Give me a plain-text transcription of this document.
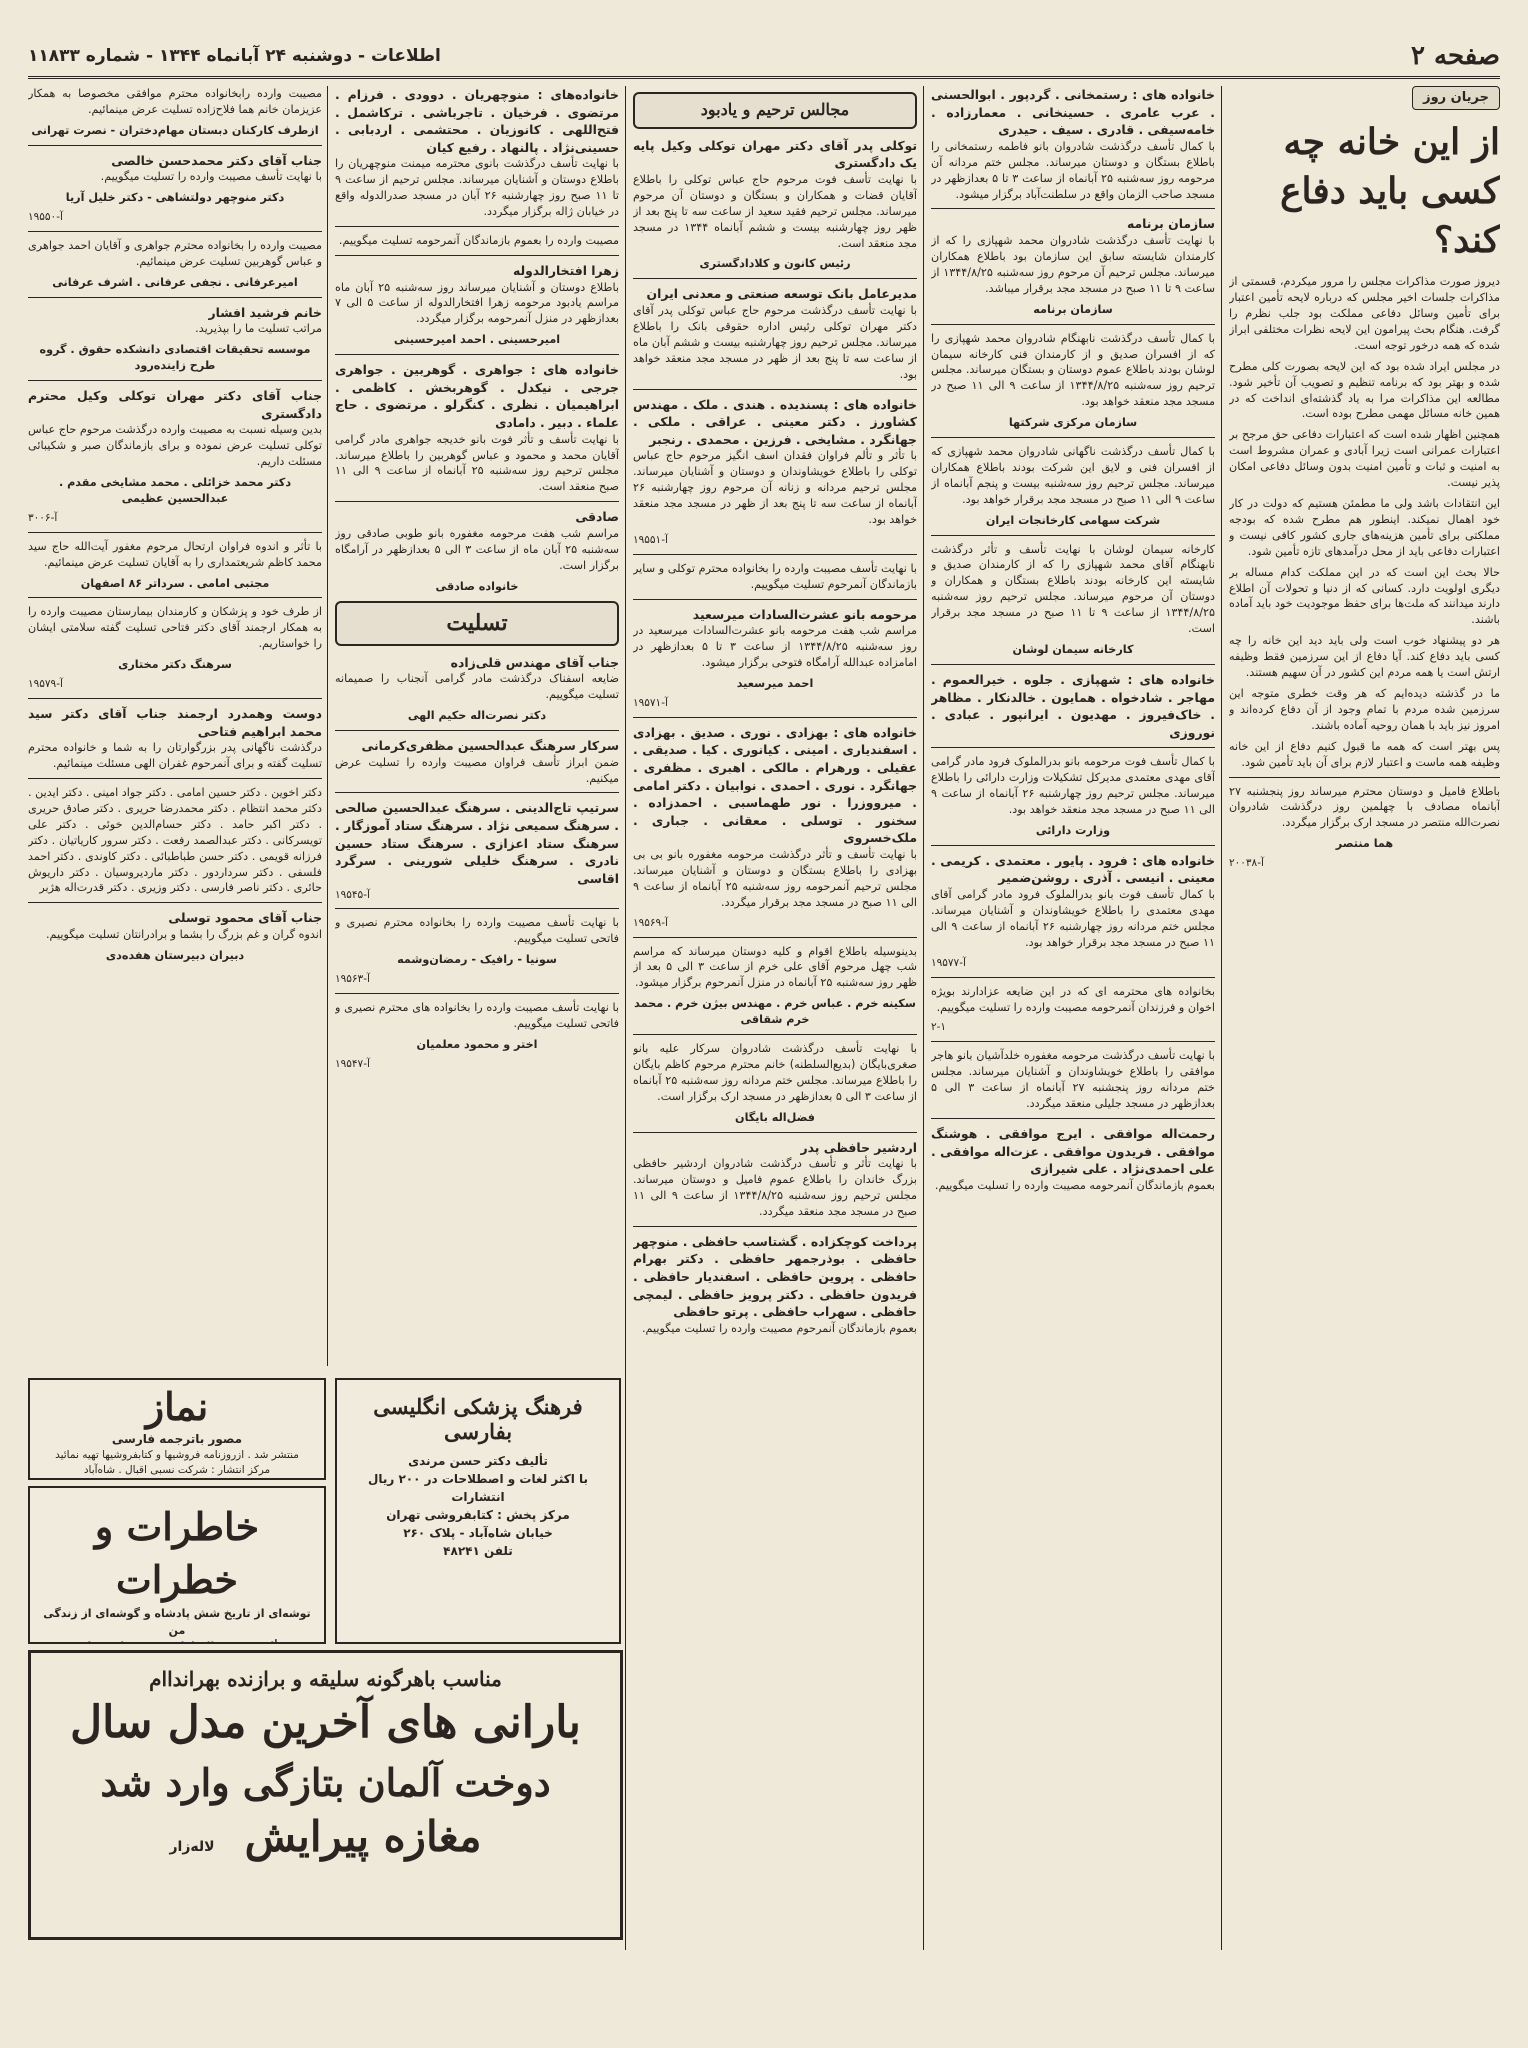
صفحه ۲
اطلاعات - دوشنبه ۲۴ آبانماه ۱۳۴۴ - شماره ۱۱۸۳۳
جریان روز
از این خانه چه کسی باید دفاع کند؟

دیروز صورت مذاکرات مجلس را مرور میکردم، قسمتی از مذاکرات جلسات اخیر مجلس که درباره لایحه تأمین اعتبار برای تأمین وسائل دفاعی مملکت بود جلب نظرم را گرفت. هنگام بحث پیرامون این لایحه نظرات مختلفی ابراز شده که همه درخور توجه است.

در مجلس ایراد شده بود که این لایحه بصورت کلی مطرح شده و بهتر بود که برنامه تنظیم و تصویب آن تأخیر شود. مطالعه این مذاکرات مرا به یاد گذشته‌ای انداخت که در همین خانه مسائل مهمی مطرح بوده است.

همچنین اظهار شده است که اعتبارات دفاعی حق مرجح بر اعتبارات عمرانی است زیرا آبادی و عمران مشروط است به امنیت و ثبات و تأمین امنیت بدون وسائل دفاعی امکان پذیر نیست.

این انتقادات باشد ولی ما مطمئن هستیم که دولت در کار خود اهمال نمیکند. اینطور هم مطرح شده که بودجه مملکتی برای تأمین هزینه‌های جاری کشور کافی نیست و اعتبارات دفاعی باید از محل درآمدهای تازه تأمین شود.

حالا بحث این است که در این مملکت کدام مساله بر دیگری اولویت دارد. کسانی که از دنیا و تحولات آن اطلاع دارند میدانند که ملت‌ها برای حفظ موجودیت خود باید آماده باشند.

هر دو پیشنهاد خوب است ولی باید دید این خانه را چه کسی باید دفاع کند. آیا دفاع از این سرزمین فقط وظیفه ارتش است یا همه مردم این کشور در آن سهیم هستند.

ما در گذشته دیده‌ایم که هر وقت خطری متوجه این سرزمین شده مردم با تمام وجود از آن دفاع کرده‌اند و امروز نیز باید با همان روحیه آماده باشند.

پس بهتر است که همه ما قبول کنیم دفاع از این خانه وظیفه همه ماست و اعتبار لازم برای آن باید تأمین شود.

باطلاع فامیل و دوستان محترم میرساند روز پنجشنبه ۲۷ آبانماه مصادف با چهلمین روز درگذشت شادروان نصرت‌الله منتصر در مسجد ارک برگزار میگردد.

هما منتصر
آ-۲۰۰۳۸
خانواده های : رستمخانی . گردپور . ابوالحسنی . عرب عامری . حسینخانی . معمارزاده . خامه‌سیفی . قادری . سیف . حیدری

با کمال تأسف درگذشت شادروان بانو فاطمه رستمخانی را باطلاع بستگان و دوستان میرساند. مجلس ختم مردانه آن مرحومه روز سه‌شنبه ۲۵ آبانماه از ساعت ۳ تا ۵ بعدازظهر در مسجد صاحب الزمان واقع در سلطنت‌آباد برگزار میشود.

سازمان برنامه

با نهایت تأسف درگذشت شادروان محمد شهپازی را که از کارمندان شایسته سابق این سازمان بود باطلاع همکاران میرساند. مجلس ترحیم آن مرحوم روز سه‌شنبه ۱۳۴۴/۸/۲۵ از ساعت ۹ تا ۱۱ صبح در مسجد مجد برقرار میباشد.

سازمان برنامه

با کمال تأسف درگذشت نابهنگام شادروان محمد شهپازی را که از افسران صدیق و از کارمندان فنی کارخانه سیمان لوشان بودند باطلاع عموم دوستان و بستگان میرساند. مجلس ترحیم روز سه‌شنبه ۱۳۴۴/۸/۲۵ از ساعت ۹ الی ۱۱ صبح در مسجد مجد منعقد خواهد بود.

سازمان مرکزی شرکتها

با کمال تأسف درگذشت ناگهانی شادروان محمد شهپازی که از افسران فنی و لایق این شرکت بودند باطلاع همکاران میرساند. مجلس ترحیم روز سه‌شنبه بیست و پنجم آبانماه از ساعت ۹ الی ۱۱ صبح در مسجد مجد برقرار خواهد بود.

شرکت سهامی کارخانجات ایران

کارخانه سیمان لوشان با نهایت تأسف و تأثر درگذشت نابهنگام آقای محمد شهپازی را که از کارمندان صدیق و شایسته این کارخانه بودند باطلاع بستگان و همکاران و دوستان آن مرحوم میرساند. مجلس ترحیم روز سه‌شنبه ۱۳۴۴/۸/۲۵ از ساعت ۹ تا ۱۱ صبح در مسجد مجد برقرار است.

کارخانه سیمان لوشان
خانواده های : شهپازی . جلوه . خیرالعموم . مهاجر . شادخواه . همایون . خالدنکار . مظاهر . خاک‌فیروز . مهدیون . ایرانپور . عبادی . نوروزی

با کمال تأسف فوت مرحومه بانو بدرالملوک فرود مادر گرامی آقای مهدی معتمدی مدیرکل تشکیلات وزارت دارائی را باطلاع میرساند. مجلس ترحیم روز چهارشنبه ۲۶ آبانماه از ساعت ۹ الی ۱۱ صبح در مسجد مجد منعقد خواهد بود.

وزارت دارائی
خانواده های : فرود . پایور . معتمدی . کریمی . معینی . انیسی . آذری . روشن‌ضمیر

با کمال تأسف فوت بانو بدرالملوک فرود مادر گرامی آقای مهدی معتمدی را باطلاع خویشاوندان و آشنایان میرساند. مجلس ختم مردانه روز چهارشنبه ۲۶ آبانماه از ساعت ۹ الی ۱۱ صبح در مسجد مجد برقرار خواهد بود.

آ-۱۹۵۷۷

بخانواده های محترمه ای که در این ضایعه عزادارند بویژه اخوان و فرزندان آنمرحومه مصیبت وارده را تسلیت میگوییم.

۲-۱

با نهایت تأسف درگذشت مرحومه مغفوره خلدآشیان بانو هاجر موافقی را باطلاع خویشاوندان و آشنایان میرساند. مجلس ختم مردانه روز پنجشنبه ۲۷ آبانماه از ساعت ۳ الی ۵ بعدازظهر در مسجد جلیلی منعقد میگردد.

رحمت‌اله موافقی . ایرج موافقی . هوشنگ موافقی . فریدون موافقی . عزت‌اله موافقی . علی احمدی‌نژاد . علی شیرازی

بعموم بازماندگان آنمرحومه مصیبت وارده را تسلیت میگوییم.

مجالس ترحیم و یادبود
توکلی پدر آقای دکتر مهران توکلی وکیل پایه یک دادگستری

با نهایت تأسف فوت مرحوم حاج عباس توکلی را باطلاع آقایان قضات و همکاران و بستگان و دوستان آن مرحوم میرساند. مجلس ترحیم فقید سعید از ساعت سه تا پنج بعد از ظهر روز چهارشنبه بیست و ششم آبانماه ۱۳۴۴ در مسجد مجد منعقد است.

رئیس کانون و کلادادگستری
مدیرعامل بانک توسعه صنعتی و معدنی ایران

با نهایت تأسف درگذشت مرحوم حاج عباس توکلی پدر آقای دکتر مهران توکلی رئیس اداره حقوقی بانک را باطلاع میرساند. مجلس ترحیم روز چهارشنبه بیست و ششم آبان ماه از ساعت سه تا پنج بعد از ظهر در مسجد مجد منعقد خواهد بود.

خانواده های : پسندیده . هندی . ملک . مهندس کشاورز . دکتر معینی . عراقی . ملکی . جهانگرد . مشایخی . فرزین . محمدی . رنجبر

با تأثر و تألم فراوان فقدان اسف انگیز مرحوم حاج عباس توکلی را باطلاع خویشاوندان و دوستان و آشنایان میرساند. مجلس ترحیم مردانه و زنانه آن مرحوم روز چهارشنبه ۲۶ آبانماه از ساعت سه تا پنج بعد از ظهر در مسجد مجد منعقد خواهد بود.

آ-۱۹۵۵۱

با نهایت تأسف مصیبت وارده را بخانواده محترم توکلی و سایر بازماندگان آنمرحوم تسلیت میگوییم.

مرحومه بانو عشرت‌السادات میرسعید

مراسم شب هفت مرحومه بانو عشرت‌السادات میرسعید در روز سه‌شنبه ۱۳۴۴/۸/۲۵ از ساعت ۳ تا ۵ بعدازظهر در امامزاده عبدالله آرامگاه فتوحی برگزار میشود.

احمد میرسعید
آ-۱۹۵۷۱
خانواده های : بهزادی . نوری . صدیق . بهزادی . اسفندیاری . امینی . کیانوری . کیا . صدیقی . عقیلی . ورهرام . مالکی . اهبری . مظفری . جهانگرد . نوری . احمدی . نوابیان . دکتر امامی . میرووزرا . نور طهماسبی . احمدزاده . سخنور . توسلی . معقانی . جباری . ملک‌خسروی

با نهایت تأسف و تأثر درگذشت مرحومه مغفوره بانو بی بی بهزادی را باطلاع بستگان و دوستان و آشنایان میرساند. مجلس ترحیم آنمرحومه روز سه‌شنبه ۲۵ آبانماه از ساعت ۹ الی ۱۱ صبح در مسجد مجد برقرار میگردد.

آ-۱۹۵۶۹

بدینوسیله باطلاع اقوام و کلیه دوستان میرساند که مراسم شب چهل مرحوم آقای علی خرم از ساعت ۳ الی ۵ بعد از ظهر روز سه‌شنبه ۲۵ آبانماه در منزل آنمرحوم برگزار میشود.

سکینه خرم . عباس خرم . مهندس بیژن خرم . محمد خرم شقاقی

با نهایت تأسف درگذشت شادروان سرکار علیه بانو صغری‌بایگان (بدیع‌السلطنه) خانم محترم مرحوم کاظم بایگان را باطلاع میرساند. مجلس ختم مردانه روز سه‌شنبه ۲۵ آبانماه از ساعت ۳ الی ۵ بعدازظهر در مسجد ارک برگزار است.

فضل‌اله بایگان
اردشیر حافظی پدر

با نهایت تأثر و تأسف درگذشت شادروان اردشیر حافظی بزرگ خاندان را باطلاع عموم فامیل و دوستان میرساند. مجلس ترحیم روز سه‌شنبه ۱۳۴۴/۸/۲۵ از ساعت ۹ الی ۱۱ صبح در مسجد مجد منعقد میگردد.

پرداخت کوچکزاده . گشتاسب حافظی . منوچهر حافظی . بوذرجمهر حافظی . دکتر بهرام حافظی . پروین حافظی . اسفندیار حافظی . فریدون حافظی . دکتر پرویز حافظی . لیمچی حافظی . سهراب حافظی . پرتو حافظی

بعموم بازماندگان آنمرحوم مصیبت وارده را تسلیت میگوییم.

خانواده‌های : منوچهریان . دوودی . فرزام . مرتضوی . فرخیان . تاجرباشی . ترکاشمل . فتح‌اللهی . کانوزیان . محتشمی . اردبابی . حسینی‌نژاد . پالنهاد . رفیع کیان

با نهایت تأسف درگذشت بانوی محترمه میمنت منوچهریان را باطلاع دوستان و آشنایان میرساند. مجلس ترحیم از ساعت ۹ تا ۱۱ صبح روز چهارشنبه ۲۶ آبان در مسجد صدرالدوله واقع در خیابان ژاله برگزار میگردد.

مصیبت وارده را بعموم بازماندگان آنمرحومه تسلیت میگوییم.

زهرا افتخارالدوله

باطلاع دوستان و آشنایان میرساند روز سه‌شنبه ۲۵ آبان ماه مراسم یادبود مرحومه زهرا افتخارالدوله از ساعت ۵ الی ۷ بعدازظهر در منزل آنمرحومه برگزار میگردد.

امیرحسینی . احمد امیرحسینی
خانواده های : جواهری . گوهربین . جواهری جرجی . نیکدل . گوهربخش . کاظمی . ابراهیمیان . نظری . کنگرلو . مرتضوی . حاج علماء . دبیر . دامادی

با نهایت تأسف و تأثر فوت بانو خدیجه جواهری مادر گرامی آقایان محمد و محمود و عباس گوهربین را باطلاع میرساند. مجلس ترحیم روز سه‌شنبه ۲۵ آبانماه از ساعت ۹ الی ۱۱ صبح منعقد است.

صادقی

مراسم شب هفت مرحومه مغفوره بانو طوبی صادقی روز سه‌شنبه ۲۵ آبان ماه از ساعت ۳ الی ۵ بعدازظهر در آرامگاه برگزار است.

خانواده صادقی
تسلیت
جناب آقای مهندس قلی‌زاده

ضایعه اسفناک درگذشت مادر گرامی آنجناب را صمیمانه تسلیت میگوییم.

دکتر نصرت‌اله حکیم الهی
سرکار سرهنگ عبدالحسین مظفری‌کرمانی

ضمن ابراز تأسف فراوان مصیبت وارده را تسلیت عرض میکنیم.

سرتیپ تاج‌الدینی . سرهنگ عبدالحسین صالحی . سرهنگ سمیعی نژاد . سرهنگ ستاد آموزگار . سرهنگ ستاد اعزازی . سرهنگ ستاد حسین نادری . سرهنگ خلیلی شورینی . سرگرد اقاسی
آ-۱۹۵۴۵

با نهایت تأسف مصیبت وارده را بخانواده محترم نصیری و فاتحی تسلیت میگوییم.

سونیا - رافیک - رمضان‌وشمه
آ-۱۹۵۶۳

با نهایت تأسف مصیبت وارده را بخانواده های محترم نصیری و فاتحی تسلیت میگوییم.

اختر و محمود معلمیان
آ-۱۹۵۴۷

مصیبت وارده رابخانواده محترم موافقی مخصوصا به همکار عزیزمان خانم هما فلاح‌زاده تسلیت عرض مینمائیم.

ازطرف کارکنان دبستان مهام‌دختران - نصرت تهرانی
جناب آقای دکتر محمدحسن خالصی

با نهایت تأسف مصیبت وارده را تسلیت میگوییم.

دکتر منوچهر دولتشاهی - دکتر خلیل آریا
آ-۱۹۵۵۰

مصیبت وارده را بخانواده محترم جواهری و آقایان احمد جواهری و عباس گوهربین تسلیت عرض مینمائیم.

امیرعرفانی . نجفی عرفانی . اشرف عرفانی
خانم فرشید افشار

مراتب تسلیت ما را بپذیرید.

موسسه تحقیقات اقتصادی دانشکده حقوق . گروه طرح زاینده‌رود
جناب آقای دکتر مهران توکلی وکیل محترم دادگستری

بدین وسیله نسبت به مصیبت وارده درگذشت مرحوم حاج عباس توکلی تسلیت عرض نموده و برای بازماندگان صبر و شکیبائی مسئلت داریم.

دکتر محمد خزائلی . محمد مشایخی مقدم . عبدالحسین عظیمی
آ-۳۰۰۶

با تأثر و اندوه فراوان ارتحال مرحوم مغفور آیت‌الله حاج سید محمد کاظم شریعتمداری را به آقایان تسلیت عرض مینمائیم.

مجتبی امامی . سرداتر ۸۶ اصفهان

از طرف خود و پزشکان و کارمندان بیمارستان مصیبت وارده را به همکار ارجمند آقای دکتر فتاحی تسلیت گفته سلامتی ایشان را خواستاریم.

سرهنگ دکتر مختاری
آ-۱۹۵۷۹
دوست وهمدرد ارجمند جناب آقای دکتر سید محمد ابراهیم فتاحی

درگذشت ناگهانی پدر بزرگوارتان را به شما و خانواده محترم تسلیت گفته و برای آنمرحوم غفران الهی مسئلت مینمائیم.

دکتر اخوین . دکتر حسین امامی . دکتر جواد امینی . دکتر ایدین . دکتر محمد انتظام . دکتر محمدرضا حریری . دکتر صادق حریری . دکتر اکبر حامد . دکتر حسام‌الدین خوئی . دکتر علی تویسرکانی . دکتر عبدالصمد رفعت . دکتر سرور کاریاتیان . دکتر فرزانه قویمی . دکتر حسن طباطبائی . دکتر کاوندی . دکتر احمد فلسفی . دکتر سرداردور . دکتر ماردیروسیان . دکتر داریوش حائری . دکتر ناصر فارسی . دکتر وزیری . دکتر قدرت‌اله هژبر

جناب آقای محمود توسلی

اندوه گران و غم بزرگ را بشما و برادرانتان تسلیت میگوییم.

دبیران دبیرستان هفده‌دی
فرهنگ پزشکی انگلیسی بفارسی
تألیف دکتر حسن مرندی
با اکثر لغات و اصطلاحات در ۲۰۰ ریال
انتشارات
مرکز پخش : کتابفروشی تهران
خیابان شاه‌آباد - پلاک ۲۶۰
تلفن ۴۸۲۴۱
نماز
مصور باترجمه فارسی
منتشر شد . ازروزنامه فروشیها و کتابفروشیها تهیه نمائید
مرکز انتشار : شرکت نسبی اقبال . شاه‌آباد
خاطرات و خطرات
توشه‌ای از تاریخ شش پادشاه و گوشه‌ای از زندگی من
مناسب باهرگونه سلیقه و برازنده بهرانداام
بارانی های آخرین مدل سال
دوخت آلمان بتازگی وارد شد
مغازه پیرایش
لاله‌زار
